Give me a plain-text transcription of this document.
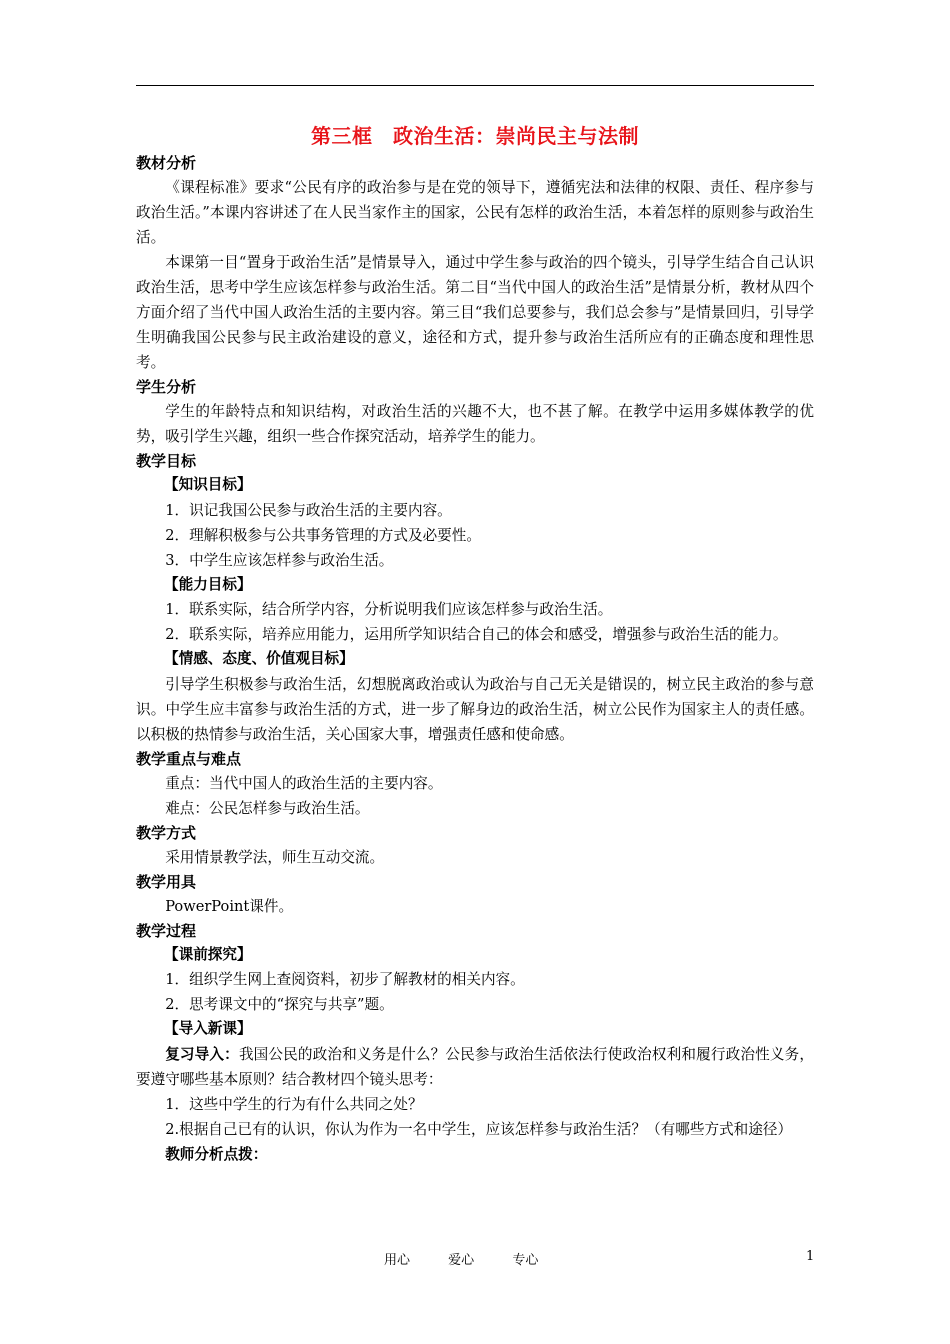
第三框　政治生活：崇尚民主与法制
教材分析

《课程标准》要求“公民有序的政治参与是在党的领导下，遵循宪法和法律的权限、责任、程序参与政治生活。”本课内容讲述了在人民当家作主的国家，公民有怎样的政治生活，本着怎样的原则参与政治生活。

本课第一目“置身于政治生活”是情景导入，通过中学生参与政治的四个镜头，引导学生结合自己认识政治生活，思考中学生应该怎样参与政治生活。第二目“当代中国人的政治生活”是情景分析，教材从四个方面介绍了当代中国人政治生活的主要内容。第三目“我们总要参与，我们总会参与”是情景回归，引导学生明确我国公民参与民主政治建设的意义，途径和方式，提升参与政治生活所应有的正确态度和理性思考。

学生分析

学生的年龄特点和知识结构，对政治生活的兴趣不大，也不甚了解。在教学中运用多媒体教学的优势，吸引学生兴趣，组织一些合作探究活动，培养学生的能力。

教学目标
【知识目标】

1．识记我国公民参与政治生活的主要内容。

2．理解积极参与公共事务管理的方式及必要性。

3．中学生应该怎样参与政治生活。

【能力目标】

1．联系实际，结合所学内容，分析说明我们应该怎样参与政治生活。

2．联系实际，培养应用能力，运用所学知识结合自己的体会和感受，增强参与政治生活的能力。

【情感、态度、价值观目标】

引导学生积极参与政治生活，幻想脱离政治或认为政治与自己无关是错误的，树立民主政治的参与意识。中学生应丰富参与政治生活的方式，进一步了解身边的政治生活，树立公民作为国家主人的责任感。以积极的热情参与政治生活，关心国家大事，增强责任感和使命感。

教学重点与难点

重点：当代中国人的政治生活的主要内容。

难点：公民怎样参与政治生活。

教学方式

采用情景教学法，师生互动交流。

教学用具

PowerPoint课件。

教学过程
【课前探究】

1．组织学生网上查阅资料，初步了解教材的相关内容。

2．思考课文中的“探究与共享”题。

【导入新课】

复习导入：我国公民的政治和义务是什么？公民参与政治生活依法行使政治权利和履行政治性义务，要遵守哪些基本原则？结合教材四个镜头思考：

1．这些中学生的行为有什么共同之处？

2.根据自己已有的认识，你认为作为一名中学生，应该怎样参与政治生活？（有哪些方式和途径）

教师分析点拨：

用心	爱心	专心	1
